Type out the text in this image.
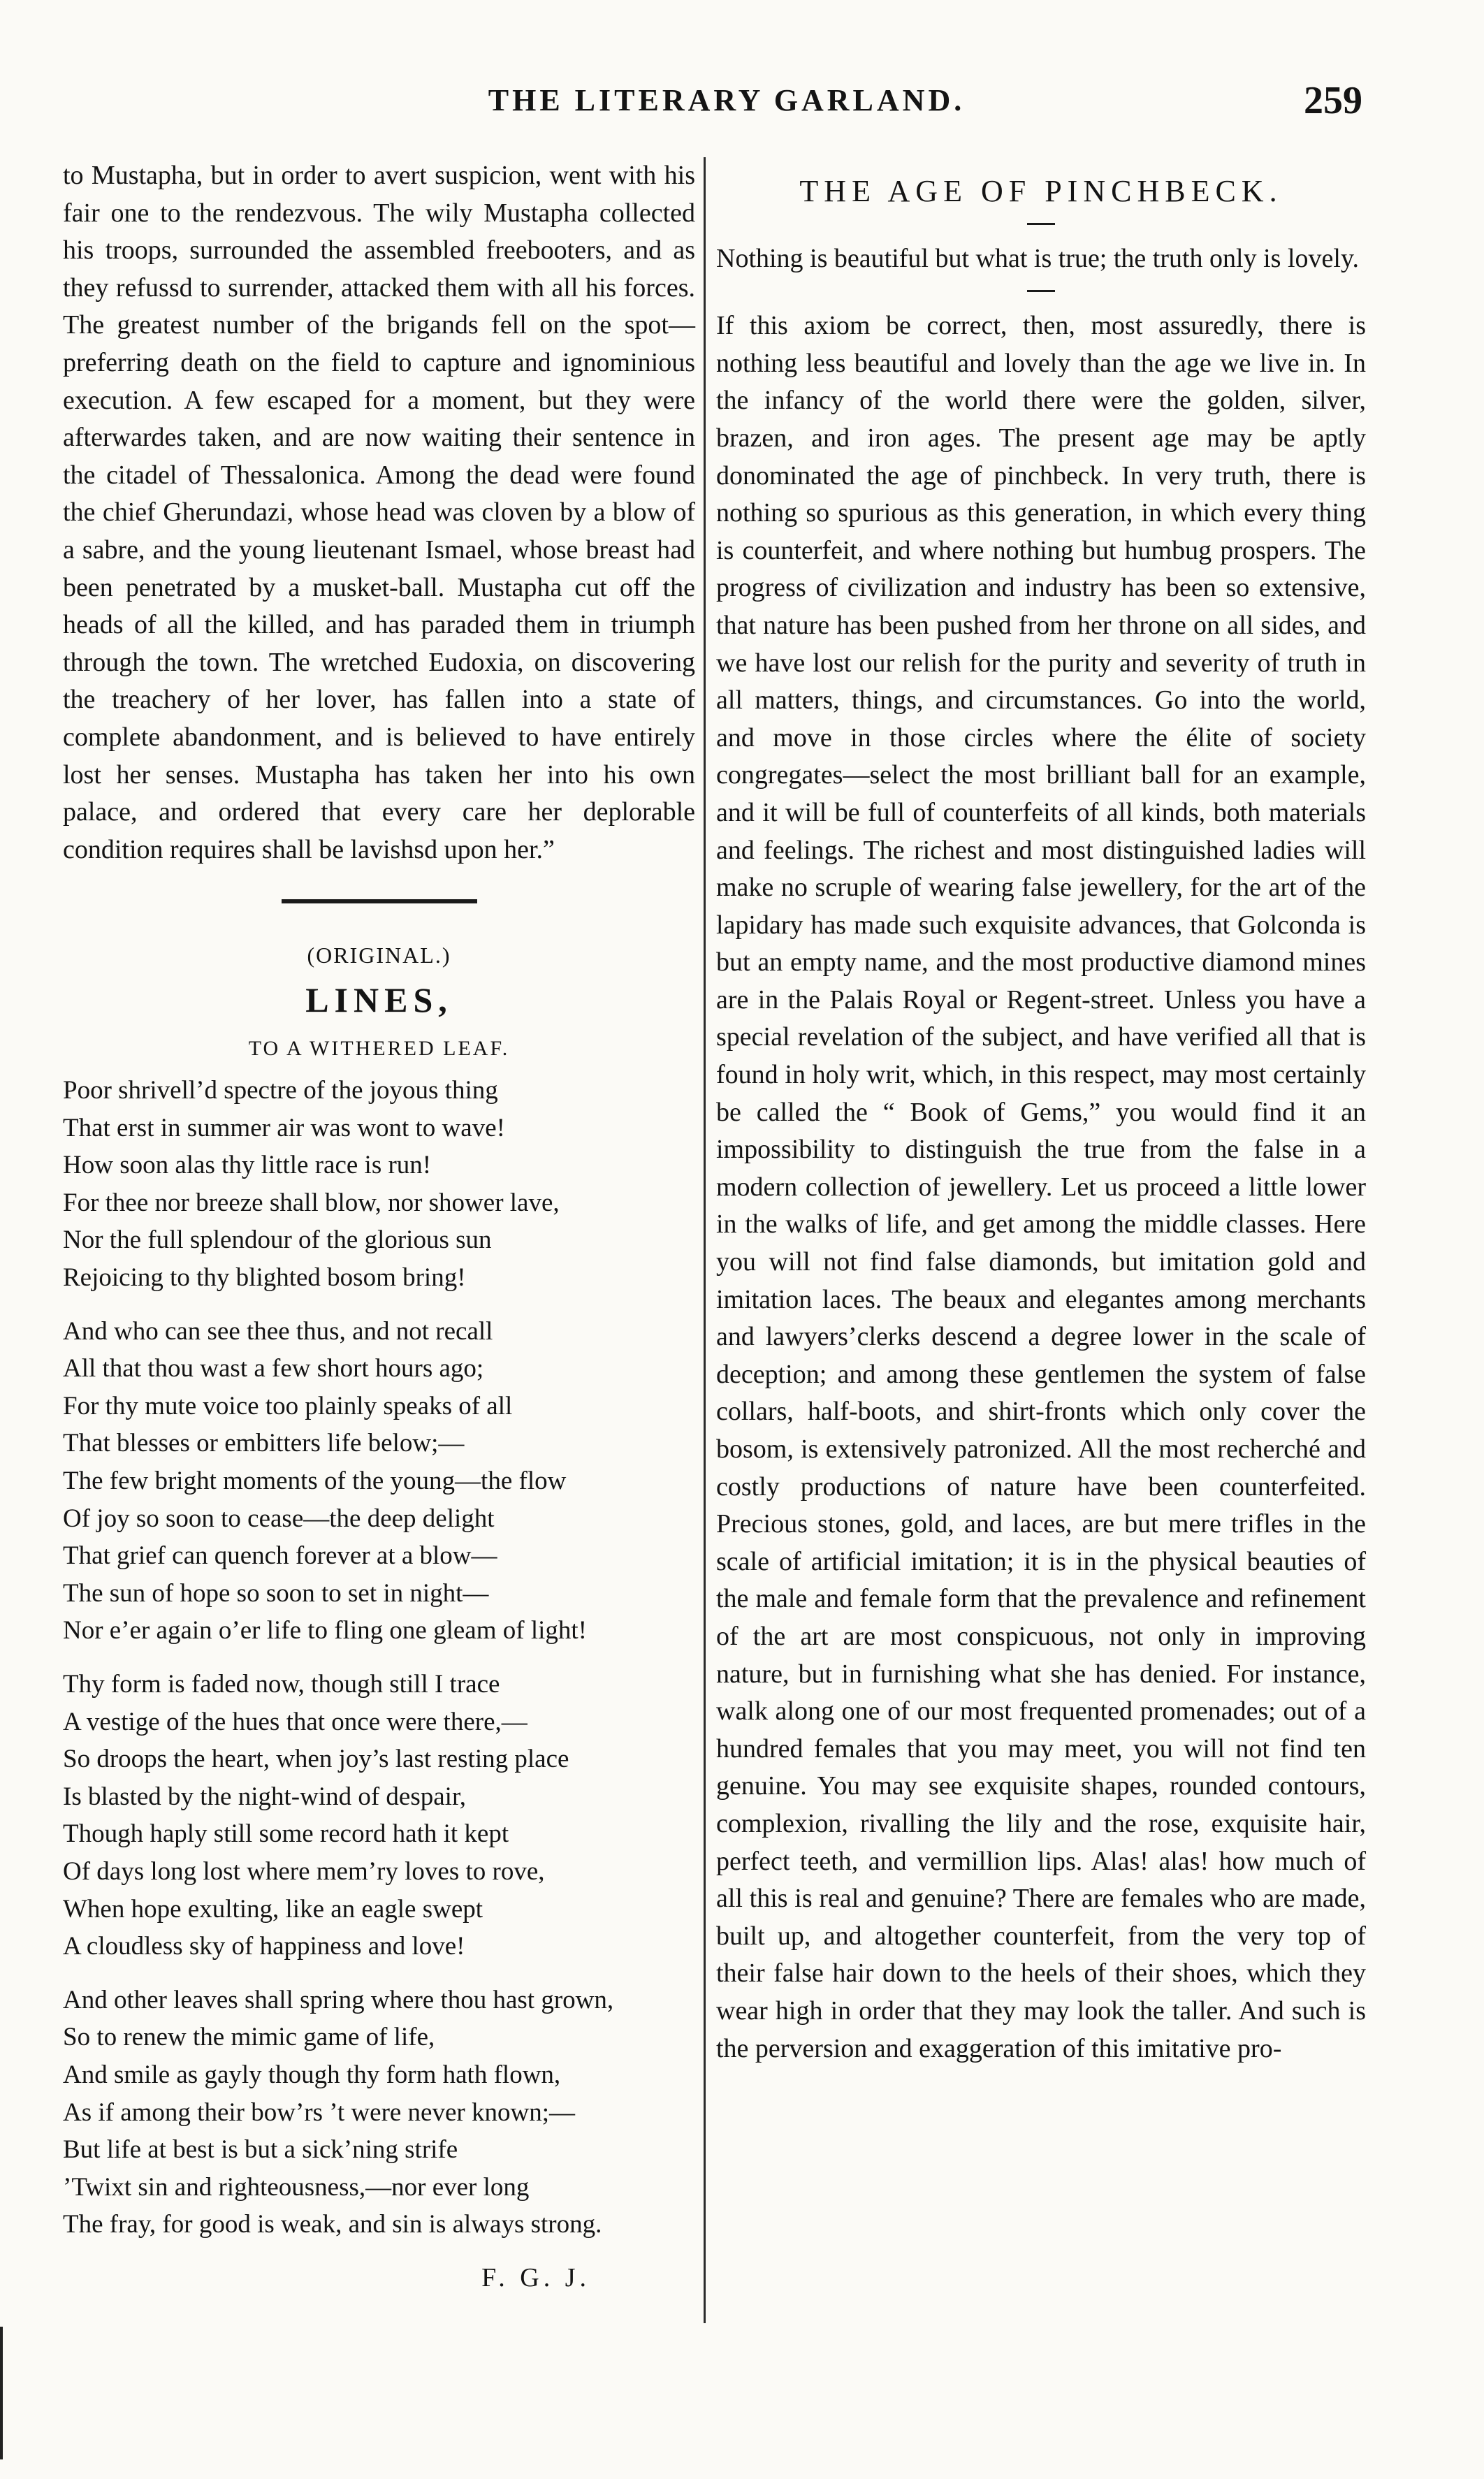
THE LITERARY GARLAND.	259

to Mustapha, but in order to avert suspicion, went with his fair one to the rendezvous. The wily Mustapha collected his troops, surrounded the assembled freebooters, and as they refussd to surrender, attacked them with all his forces. The greatest number of the brigands fell on the spot—preferring death on the field to capture and ignominious execution. A few escaped for a moment, but they were afterwardes taken, and are now waiting their sentence in the citadel of Thessalonica. Among the dead were found the chief Gherundazi, whose head was cloven by a blow of a sabre, and the young lieutenant Ismael, whose breast had been penetrated by a musket-ball. Mustapha cut off the heads of all the killed, and has paraded them in triumph through the town. The wretched Eudoxia, on discovering the treachery of her lover, has fallen into a state of complete abandonment, and is believed to have entirely lost her senses. Mustapha has taken her into his own palace, and ordered that every care her deplorable condition requires shall be lavishsd upon her.”

(ORIGINAL.)
LINES,
TO A WITHERED LEAF.
Poor shrivell’d spectre of the joyous thing
That erst in summer air was wont to wave!
How soon alas thy little race is run!
For thee nor breeze shall blow, nor shower lave,
Nor the full splendour of the glorious sun
Rejoicing to thy blighted bosom bring!
And who can see thee thus, and not recall
All that thou wast a few short hours ago;
For thy mute voice too plainly speaks of all
That blesses or embitters life below;—
The few bright moments of the young—the flow
Of joy so soon to cease—the deep delight
That grief can quench forever at a blow—
The sun of hope so soon to set in night—
Nor e’er again o’er life to fling one gleam of light!
Thy form is faded now, though still I trace
A vestige of the hues that once were there,—
So droops the heart, when joy’s last resting place
Is blasted by the night-wind of despair,
Though haply still some record hath it kept
Of days long lost where mem’ry loves to rove,
When hope exulting, like an eagle swept
A cloudless sky of happiness and love!
And other leaves shall spring where thou hast grown,
So to renew the mimic game of life,
And smile as gayly though thy form hath flown,
As if among their bow’rs ’t were never known;—
But life at best is but a sick’ning strife
’Twixt sin and righteousness,—nor ever long
The fray, for good is weak, and sin is always strong.
F. G. J.
THE AGE OF PINCHBECK.

Nothing is beautiful but what is true; the truth only is lovely.

If this axiom be correct, then, most assuredly, there is nothing less beautiful and lovely than the age we live in. In the infancy of the world there were the golden, silver, brazen, and iron ages. The present age may be aptly donominated the age of pinchbeck. In very truth, there is nothing so spurious as this generation, in which every thing is counterfeit, and where nothing but humbug prospers. The progress of civilization and industry has been so extensive, that nature has been pushed from her throne on all sides, and we have lost our relish for the purity and severity of truth in all matters, things, and circumstances. Go into the world, and move in those circles where the élite of society congregates—select the most brilliant ball for an example, and it will be full of counterfeits of all kinds, both materials and feelings. The richest and most distinguished ladies will make no scruple of wearing false jewellery, for the art of the lapidary has made such exquisite advances, that Golconda is but an empty name, and the most productive diamond mines are in the Palais Royal or Regent-street. Unless you have a special revelation of the subject, and have verified all that is found in holy writ, which, in this respect, may most certainly be called the “ Book of Gems,” you would find it an impossibility to distinguish the true from the false in a modern collection of jewellery. Let us proceed a little lower in the walks of life, and get among the middle classes. Here you will not find false diamonds, but imitation gold and imitation laces. The beaux and elegantes among merchants and lawyers’clerks descend a degree lower in the scale of deception; and among these gentlemen the system of false collars, half-boots, and shirt-fronts which only cover the bosom, is extensively patronized. All the most recherché and costly productions of nature have been counterfeited. Precious stones, gold, and laces, are but mere trifles in the scale of artificial imitation; it is in the physical beauties of the male and female form that the prevalence and refinement of the art are most conspicuous, not only in improving nature, but in furnishing what she has denied. For instance, walk along one of our most frequented promenades; out of a hundred females that you may meet, you will not find ten genuine. You may see exquisite shapes, rounded contours, complexion, rivalling the lily and the rose, exquisite hair, perfect teeth, and vermillion lips. Alas! alas! how much of all this is real and genuine? There are females who are made, built up, and altogether counterfeit, from the very top of their false hair down to the heels of their shoes, which they wear high in order that they may look the taller. And such is the perversion and exaggeration of this imitative pro-
